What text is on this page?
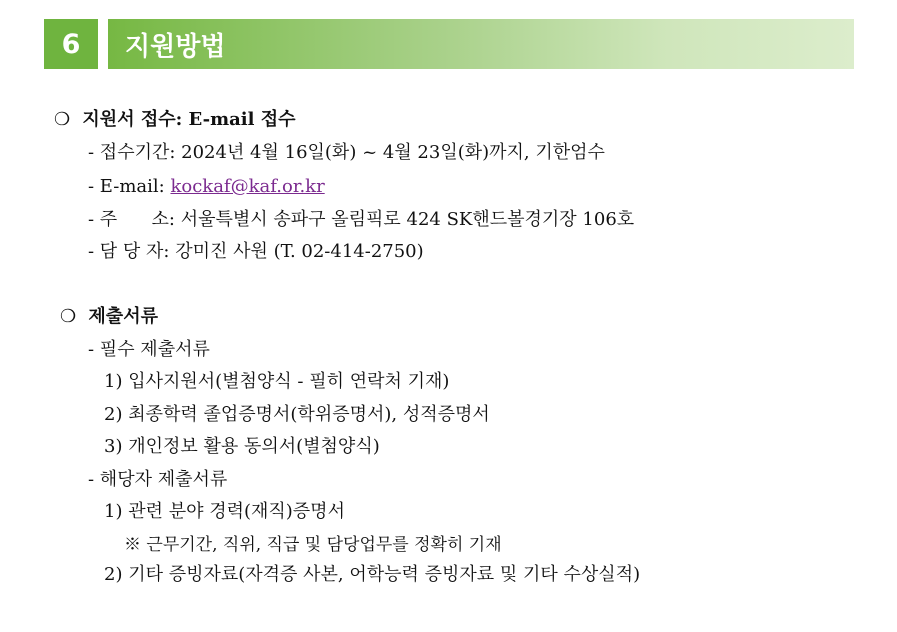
6	지원방법
❍ 지원서 접수: E-mail 접수
- 접수기간: 2024년 4월 16일(화) ~ 4월 23일(화)까지, 기한엄수
- E-mail: kockaf@kaf.or.kr
- 주      소: 서울특별시 송파구 올림픽로 424 SK핸드볼경기장 106호
- 담 당 자: 강미진 사원 (T. 02-414-2750)
❍ 제출서류
- 필수 제출서류
1) 입사지원서(별첨양식 - 필히 연락처 기재)
2) 최종학력 졸업증명서(학위증명서), 성적증명서
3) 개인정보 활용 동의서(별첨양식)
- 해당자 제출서류
1) 관련 분야 경력(재직)증명서
※ 근무기간, 직위, 직급 및 담당업무를 정확히 기재
2) 기타 증빙자료(자격증 사본, 어학능력 증빙자료 및 기타 수상실적)
